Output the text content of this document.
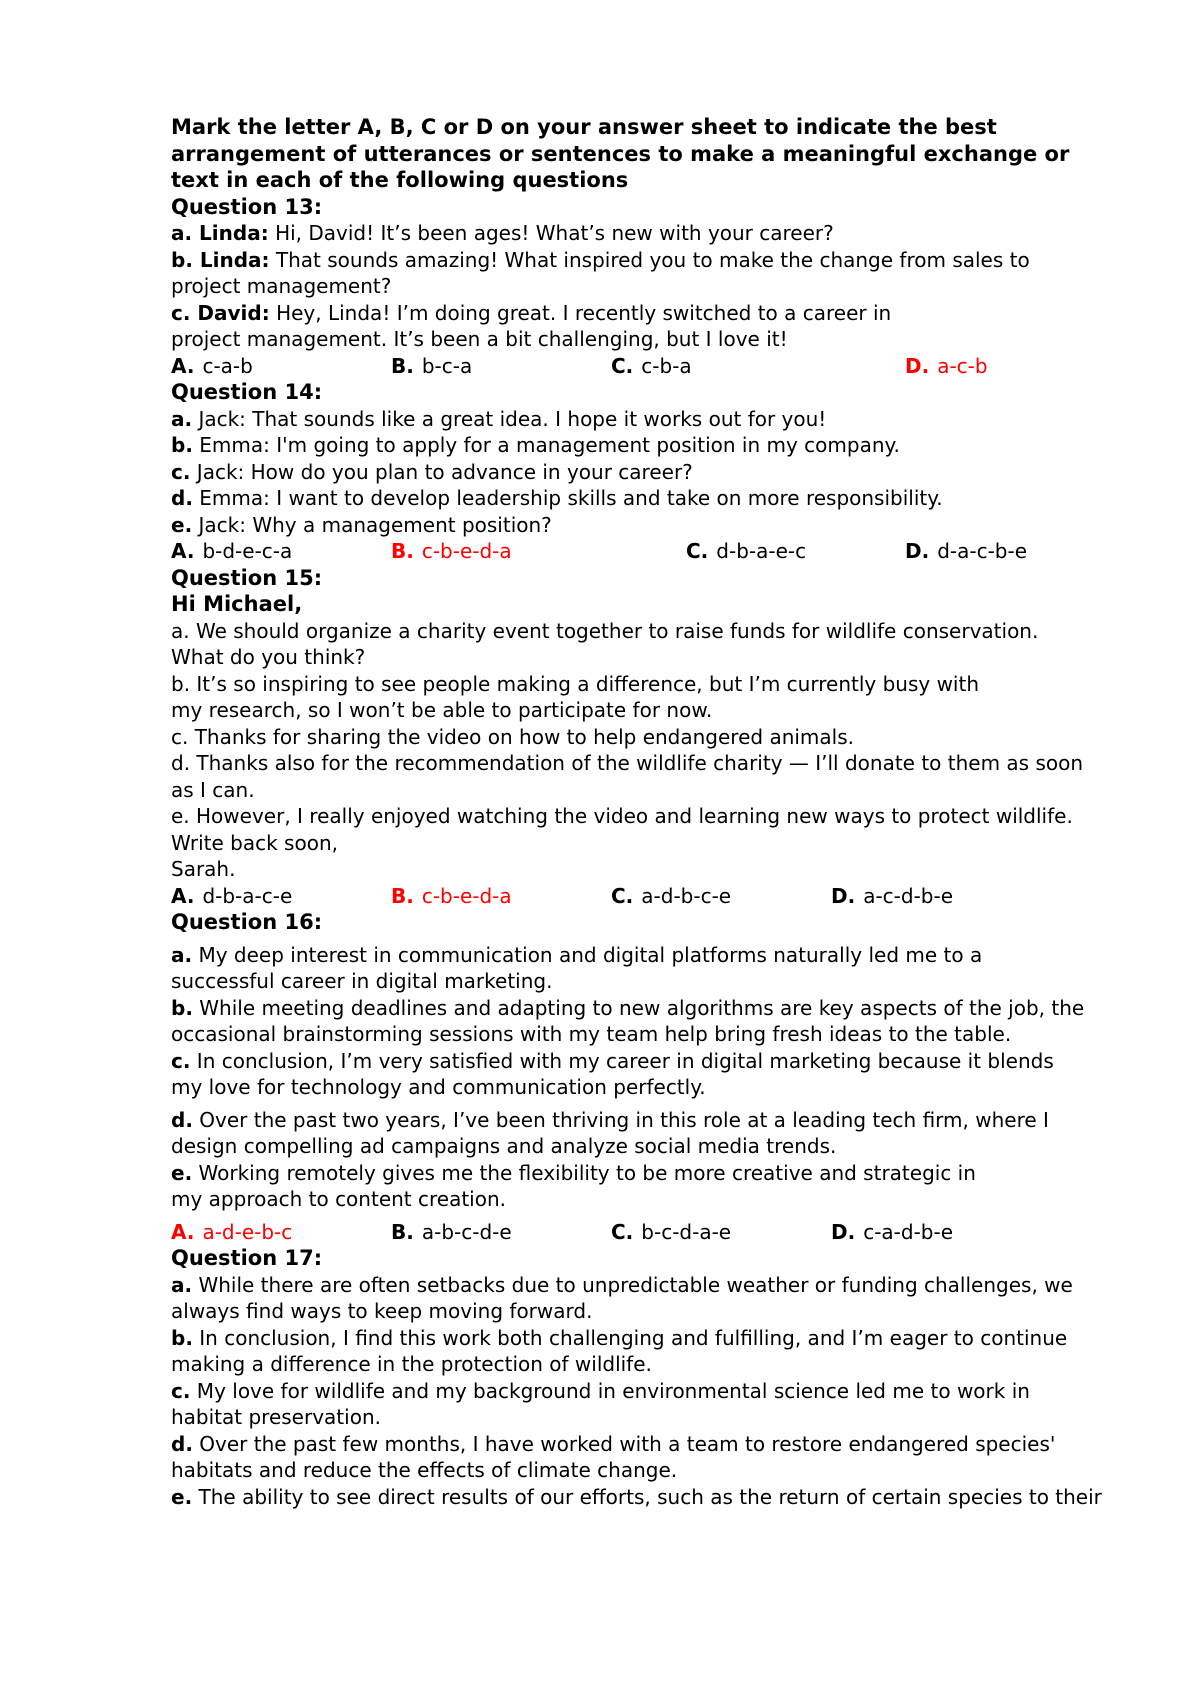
Mark the letter A, B, C or D on your answer sheet to indicate the best arrangement of utterances or sentences to make a meaningful exchange or text in each of the following questions
Question 13:
a. Linda: Hi, David! It’s been ages! What’s new with your career?
b. Linda: That sounds amazing! What inspired you to make the change from sales to project management?
c. David: Hey, Linda! I’m doing great. I recently switched to a career in project management. It’s been a bit challenging, but I love it!
A. c-a-b	B. b-c-a	C. c-b-a	D. a-c-b
Question 14:
a. Jack: That sounds like a great idea. I hope it works out for you!
b. Emma: I'm going to apply for a management position in my company.
c. Jack: How do you plan to advance in your career?
d. Emma: I want to develop leadership skills and take on more responsibility.
e. Jack: Why a management position?
A. b-d-e-c-a	B. c-b-e-d-a	C. d-b-a-e-c	D. d-a-c-b-e
Question 15:
Hi Michael,
a. We should organize a charity event together to raise funds for wildlife conservation. What do you think?
b. It’s so inspiring to see people making a difference, but I’m currently busy with my research, so I won’t be able to participate for now.
c. Thanks for sharing the video on how to help endangered animals.
d. Thanks also for the recommendation of the wildlife charity — I’ll donate to them as soon as I can.
e. However, I really enjoyed watching the video and learning new ways to protect wildlife.
Write back soon,
Sarah.
A. d-b-a-c-e	B. c-b-e-d-a	C. a-d-b-c-e	D. a-c-d-b-e
Question 16:
a. My deep interest in communication and digital platforms naturally led me to a successful career in digital marketing.
b. While meeting deadlines and adapting to new algorithms are key aspects of the job, the occasional brainstorming sessions with my team help bring fresh ideas to the table.
c. In conclusion, I’m very satisfied with my career in digital marketing because it blends my love for technology and communication perfectly.
d. Over the past two years, I’ve been thriving in this role at a leading tech firm, where I design compelling ad campaigns and analyze social media trends.
e. Working remotely gives me the flexibility to be more creative and strategic in my approach to content creation.
A. a-d-e-b-c	B. a-b-c-d-e	C. b-c-d-a-e	D. c-a-d-b-e
Question 17:
a. While there are often setbacks due to unpredictable weather or funding challenges, we always find ways to keep moving forward.
b. In conclusion, I find this work both challenging and fulfilling, and I’m eager to continue making a difference in the protection of wildlife.
c. My love for wildlife and my background in environmental science led me to work in habitat preservation.
d. Over the past few months, I have worked with a team to restore endangered species' habitats and reduce the effects of climate change.
e. The ability to see direct results of our efforts, such as the return of certain species to their
